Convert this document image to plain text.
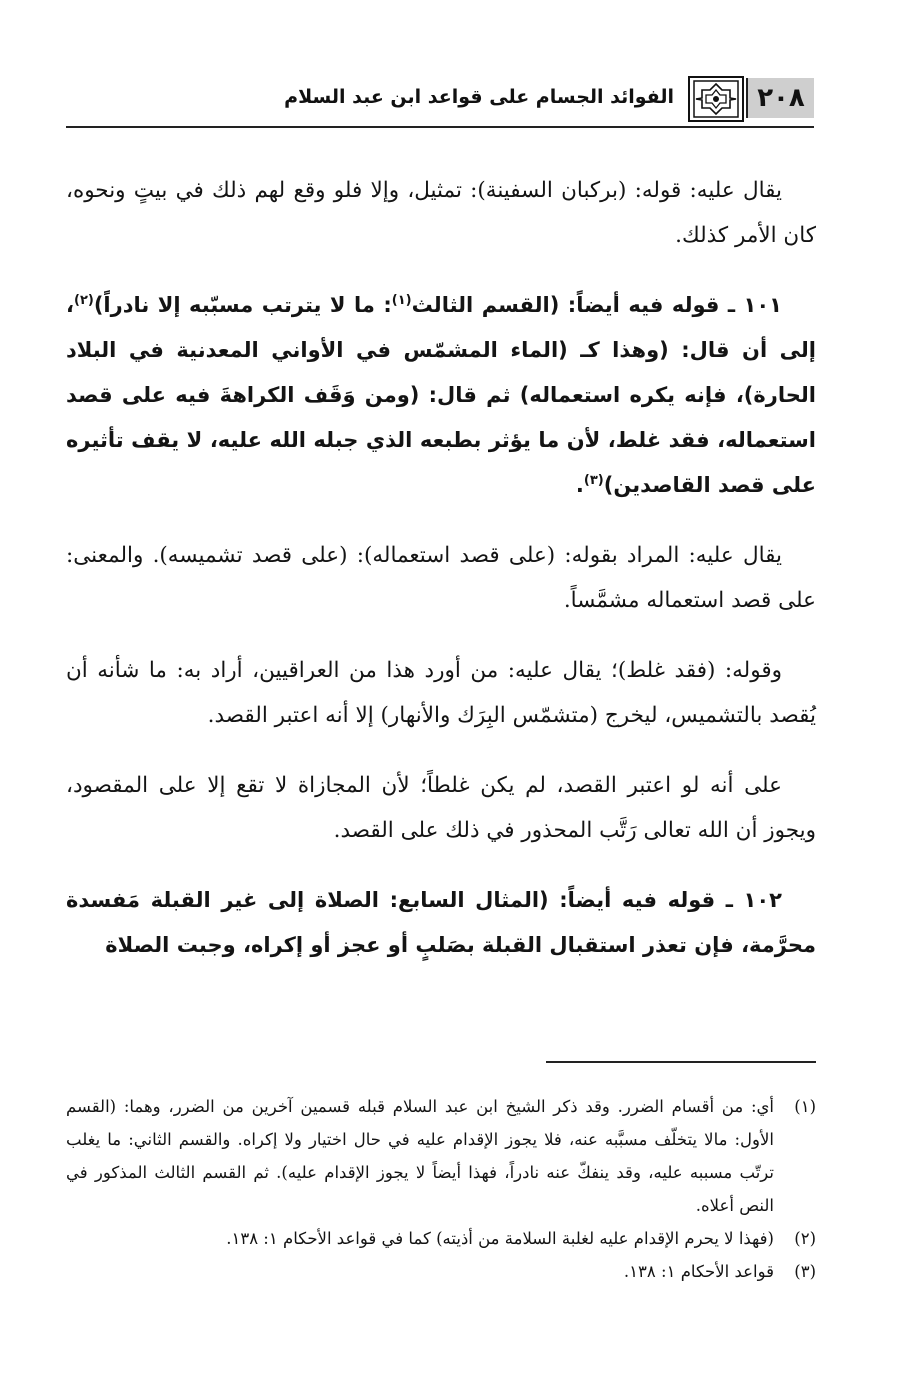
٢٠٨
الفوائد الجسام على قواعد ابن عبد السلام

يقال عليه: قوله: (بركبان السفينة): تمثيل، وإلا فلو وقع لهم ذلك في بيتٍ ونحوه، كان الأمر كذلك.

١٠١ ـ قوله فيه أيضاً: (القسم الثالث$^{(١)}$: ما لا يترتب مسبّبه إلا نادراً)$^{(٢)}$، إلى أن قال: (وهذا كـ (الماء المشمّس في الأواني المعدنية في البلاد الحارة)، فإنه يكره استعماله) ثم قال: (ومن وَقَف الكراهةَ فيه على قصد استعماله، فقد غلط، لأن ما يؤثر بطبعه الذي جبله الله عليه، لا يقف تأثيره على قصد القاصدين)$^{(٣)}$.

يقال عليه: المراد بقوله: (على قصد استعماله): (على قصد تشميسه). والمعنى: على قصد استعماله مشمَّساً.

وقوله: (فقد غلط)؛ يقال عليه: من أورد هذا من العراقيين، أراد به: ما شأنه أن يُقصد بالتشميس، ليخرج (متشمّس البِرَك والأنهار) إلا أنه اعتبر القصد.

على أنه لو اعتبر القصد، لم يكن غلطاً؛ لأن المجازاة لا تقع إلا على المقصود، ويجوز أن الله تعالى رَتَّب المحذور في ذلك على القصد.

١٠٢ ـ قوله فيه أيضاً: (المثال السابع: الصلاة إلى غير القبلة مَفسدة محرَّمة، فإن تعذر استقبال القبلة بصَلبٍ أو عجز أو إكراه، وجبت الصلاة

(١)
أي: من أقسام الضرر. وقد ذكر الشيخ ابن عبد السلام قبله قسمين آخرين من الضرر، وهما: (القسم الأول: مالا يتخلّف مسبَّبه عنه، فلا يجوز الإقدام عليه في حال اختيار ولا إكراه. والقسم الثاني: ما يغلب ترتّب مسببه عليه، وقد ينفكّ عنه نادراً، فهذا أيضاً لا يجوز الإقدام عليه). ثم القسم الثالث المذكور في النص أعلاه.
(٢)
(فهذا لا يحرم الإقدام عليه لغلبة السلامة من أذيته) كما في قواعد الأحكام ١: ١٣٨.
(٣)
قواعد الأحكام ١: ١٣٨.
